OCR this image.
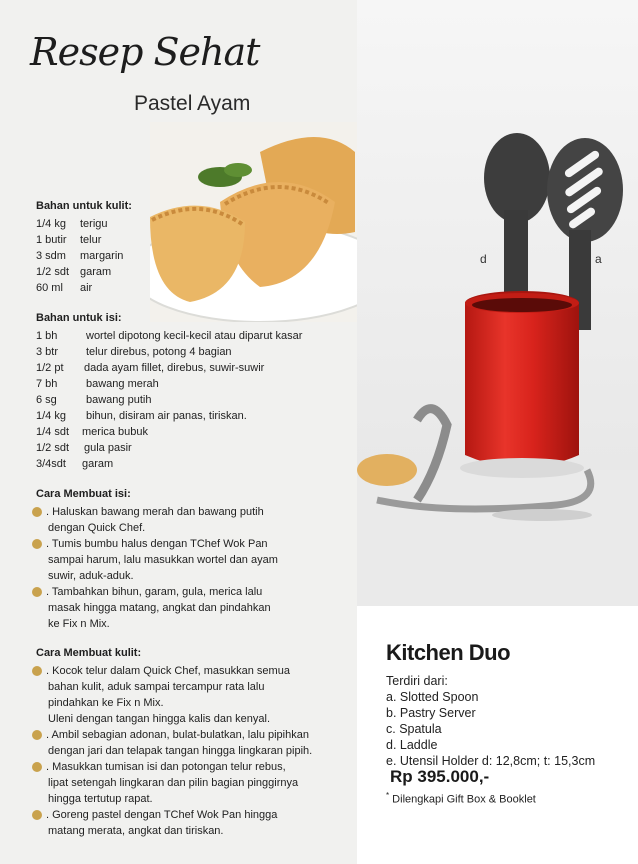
Resep Sehat
Pastel Ayam
d	a
Bahan untuk kulit:
1/4 kg	terigu
1 butir	telur
3 sdm	margarin
1/2 sdt garam
60 ml	air
Bahan untuk isi:
1 bh	wortel dipotong kecil-kecil atau diparut kasar
3 btr	telur direbus, potong 4 bagian
1/2 pt	dada ayam fillet, direbus, suwir-suwir
7 bh	bawang merah
6 sg	bawang putih
1/4 kg	bihun, disiram air panas, tiriskan.
1/4 sdt	merica bubuk
1/2 sdt	gula pasir
3/4sdt	garam
Cara Membuat isi:
. Haluskan bawang merah dan bawang putih
dengan Quick Chef.
. Tumis bumbu halus dengan TChef Wok Pan
sampai harum, lalu masukkan wortel dan ayam
suwir, aduk-aduk.
. Tambahkan bihun, garam, gula, merica lalu
masak hingga matang, angkat dan pindahkan
ke Fix n Mix.
Cara Membuat kulit:
. Kocok telur dalam Quick Chef, masukkan semua
bahan kulit, aduk sampai tercampur rata lalu
pindahkan ke Fix n Mix.
Uleni dengan tangan hingga kalis dan kenyal.
. Ambil sebagian adonan, bulat-bulatkan, lalu pipihkan
dengan jari dan telapak tangan hingga lingkaran pipih.
. Masukkan tumisan isi dan potongan telur rebus,
lipat setengah lingkaran dan pilin bagian pinggirnya
hingga tertutup rapat.
. Goreng pastel dengan TChef Wok Pan hingga
matang merata, angkat dan tiriskan.
Kitchen Duo
Terdiri dari:
a. Slotted Spoon
b. Pastry Server
c. Spatula
d. Laddle
e. Utensil Holder d: 12,8cm; t: 15,3cm
Rp 395.000,-
* Dilengkapi Gift Box & Booklet
